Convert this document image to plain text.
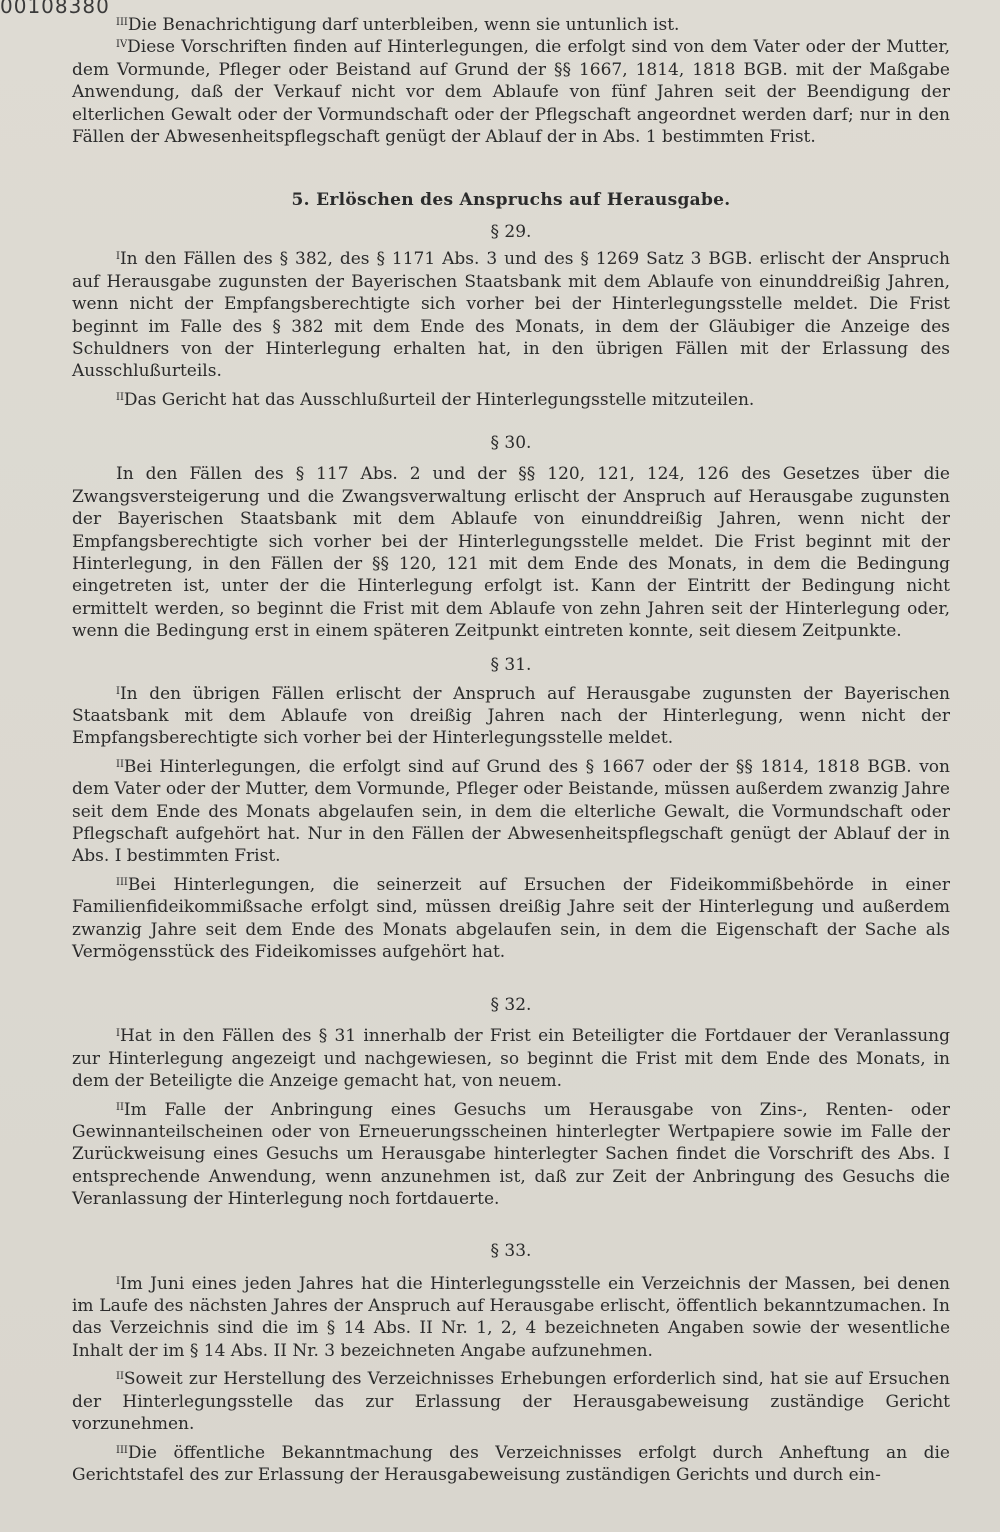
00108380

$^{III}$Die Benachrichtigung darf unterbleiben, wenn sie untunlich ist.

$^{IV}$Diese Vorschriften finden auf Hinterlegungen, die erfolgt sind von dem Vater oder der Mutter, dem Vormunde, Pfleger oder Beistand auf Grund der §§ 1667, 1814, 1818 BGB. mit der Maßgabe Anwendung, daß der Verkauf nicht vor dem Ablaufe von fünf Jahren seit der Beendigung der elterlichen Gewalt oder der Vormundschaft oder der Pflegschaft angeordnet werden darf; nur in den Fällen der Abwesenheitspflegschaft genügt der Ablauf der in Abs. 1 bestimmten Frist.

5. Erlöschen des Anspruchs auf Herausgabe.
§ 29.

$^I$In den Fällen des § 382, des § 1171 Abs. 3 und des § 1269 Satz 3 BGB. erlischt der Anspruch auf Herausgabe zugunsten der Bayerischen Staatsbank mit dem Ablaufe von einunddreißig Jahren, wenn nicht der Empfangsberechtigte sich vorher bei der Hinterlegungsstelle meldet. Die Frist beginnt im Falle des § 382 mit dem Ende des Monats, in dem der Gläubiger die Anzeige des Schuldners von der Hinterlegung erhalten hat, in den übrigen Fällen mit der Erlassung des Ausschlußurteils.

$^{II}$Das Gericht hat das Ausschlußurteil der Hinterlegungsstelle mitzuteilen.

§ 30.

In den Fällen des § 117 Abs. 2 und der §§ 120, 121, 124, 126 des Gesetzes über die Zwangsversteigerung und die Zwangsverwaltung erlischt der Anspruch auf Herausgabe zugunsten der Bayerischen Staatsbank mit dem Ablaufe von einunddreißig Jahren, wenn nicht der Empfangsberechtigte sich vorher bei der Hinterlegungsstelle meldet. Die Frist beginnt mit der Hinterlegung, in den Fällen der §§ 120, 121 mit dem Ende des Monats, in dem die Bedingung eingetreten ist, unter der die Hinterlegung erfolgt ist. Kann der Eintritt der Bedingung nicht ermittelt werden, so beginnt die Frist mit dem Ablaufe von zehn Jahren seit der Hinterlegung oder, wenn die Bedingung erst in einem späteren Zeitpunkt eintreten konnte, seit diesem Zeitpunkte.

§ 31.

$^I$In den übrigen Fällen erlischt der Anspruch auf Herausgabe zugunsten der Bayerischen Staatsbank mit dem Ablaufe von dreißig Jahren nach der Hinterlegung, wenn nicht der Empfangsberechtigte sich vorher bei der Hinterlegungsstelle meldet.

$^{II}$Bei Hinterlegungen, die erfolgt sind auf Grund des § 1667 oder der §§ 1814, 1818 BGB. von dem Vater oder der Mutter, dem Vormunde, Pfleger oder Beistande, müssen außerdem zwanzig Jahre seit dem Ende des Monats abgelaufen sein, in dem die elterliche Gewalt, die Vormundschaft oder Pflegschaft aufgehört hat. Nur in den Fällen der Abwesenheitspflegschaft genügt der Ablauf der in Abs. I bestimmten Frist.

$^{III}$Bei Hinterlegungen, die seinerzeit auf Ersuchen der Fideikommißbehörde in einer Familienfideikommißsache erfolgt sind, müssen dreißig Jahre seit der Hinterlegung und außerdem zwanzig Jahre seit dem Ende des Monats abgelaufen sein, in dem die Eigenschaft der Sache als Vermögensstück des Fideikomisses aufgehört hat.

§ 32.

$^I$Hat in den Fällen des § 31 innerhalb der Frist ein Beteiligter die Fortdauer der Veranlassung zur Hinterlegung angezeigt und nachgewiesen, so beginnt die Frist mit dem Ende des Monats, in dem der Beteiligte die Anzeige gemacht hat, von neuem.

$^{II}$Im Falle der Anbringung eines Gesuchs um Herausgabe von Zins-, Renten- oder Gewinnanteilscheinen oder von Erneuerungsscheinen hinterlegter Wertpapiere sowie im Falle der Zurückweisung eines Gesuchs um Herausgabe hinterlegter Sachen findet die Vorschrift des Abs. I entsprechende Anwendung, wenn anzunehmen ist, daß zur Zeit der Anbringung des Gesuchs die Veranlassung der Hinterlegung noch fortdauerte.

§ 33.

$^I$Im Juni eines jeden Jahres hat die Hinterlegungsstelle ein Verzeichnis der Massen, bei denen im Laufe des nächsten Jahres der Anspruch auf Herausgabe erlischt, öffentlich bekanntzumachen. In das Verzeichnis sind die im § 14 Abs. II Nr. 1, 2, 4 bezeichneten Angaben sowie der wesentliche Inhalt der im § 14 Abs. II Nr. 3 bezeichneten Angabe aufzunehmen.

$^{II}$Soweit zur Herstellung des Verzeichnisses Erhebungen erforderlich sind, hat sie auf Ersuchen der Hinterlegungsstelle das zur Erlassung der Herausgabeweisung zuständige Gericht vorzunehmen.

$^{III}$Die öffentliche Bekanntmachung des Verzeichnisses erfolgt durch Anheftung an die Gerichtstafel des zur Erlassung der Herausgabeweisung zuständigen Gerichts und durch ein-
